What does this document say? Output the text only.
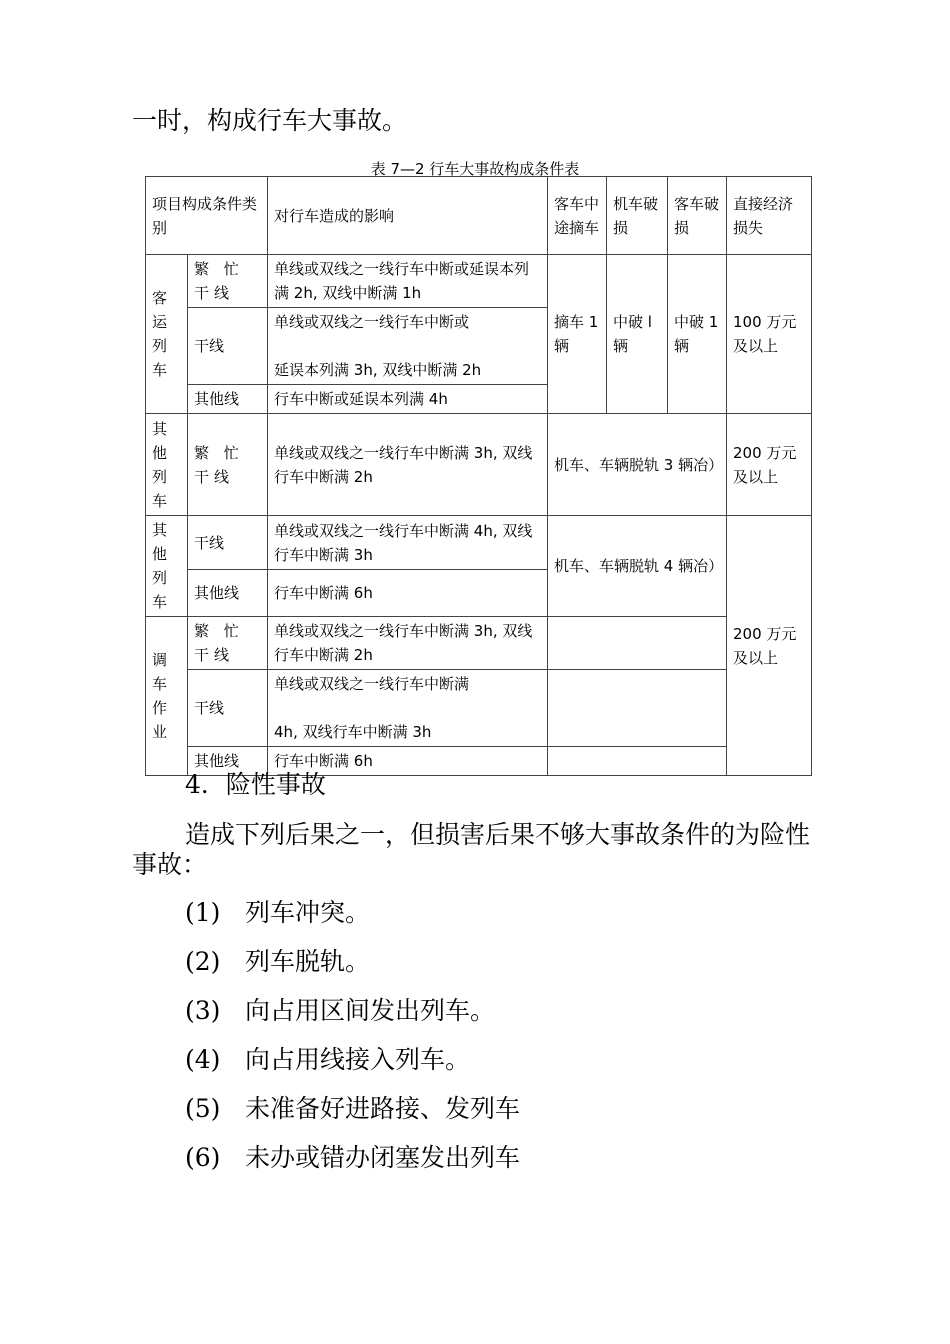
一时，构成行车大事故。
表 7—2 行车大事故构成条件表
项目构成条件类别		对行车造成的影响	客车中途摘车	机车破损	客车破损	直接经济损失
客运列车	繁 忙 干线	单线或双线之一线行车中断或延误本列满 2h, 双线中断满 1h	摘车 1 辆	中破 l 辆	中破 1 辆	100 万元及以上
	干线	单线或双线之一线行车中断或
延误本列满 3h, 双线中断满 2h				

	其他线	行车中断或延误本列满 4h				
其他列车	繁 忙 干线	单线或双线之一线行车中断满 3h, 双线行车中断满 2h	机车、车辆脱轨 3 辆冶）			200 万元及以上
其他列车	干线	单线或双线之一线行车中断满 4h, 双线行车中断满 3h	机车、车辆脱轨 4 辆冶）			200 万元及以上
	其他线	行车中断满 6h				
调车作业	繁 忙 干线	单线或双线之一线行车中断满 3h, 双线行车中断满 2h				
	干线	单线或双线之一线行车中断满
4h, 双线行车中断满 3h				

	其他线	行车中断满 6h				
4．险性事故
造成下列后果之一，但损害后果不够大事故条件的为险性
事故：
(1) 列车冲突。
(2) 列车脱轨。
(3) 向占用区间发出列车。
(4) 向占用线接入列车。
(5) 未准备好进路接、发列车
(6) 未办或错办闭塞发出列车
